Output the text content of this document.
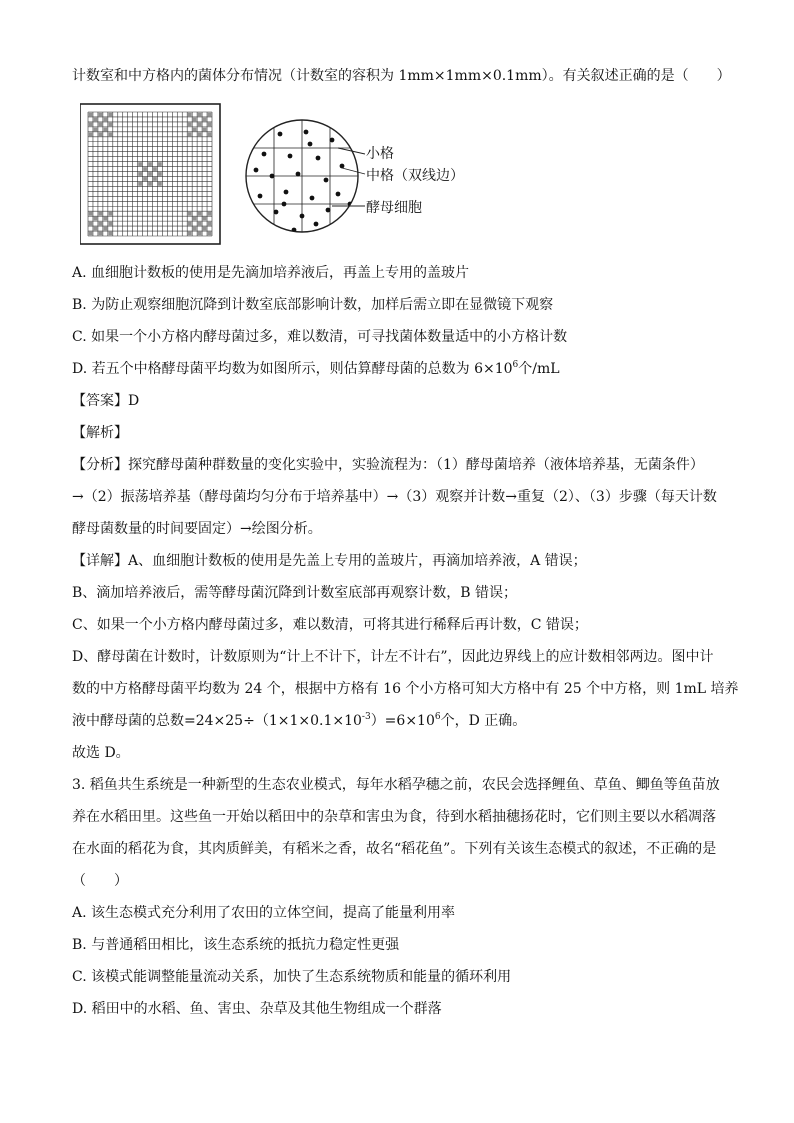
计数室和中方格内的菌体分布情况（计数室的容积为 1mm×1mm×0.1mm）。有关叙述正确的是（　　）
小格
中格（双线边）
酵母细胞
A. 血细胞计数板的使用是先滴加培养液后，再盖上专用的盖玻片
B. 为防止观察细胞沉降到计数室底部影响计数，加样后需立即在显微镜下观察
C. 如果一个小方格内酵母菌过多，难以数清，可寻找菌体数量适中的小方格计数
D. 若五个中格酵母菌平均数为如图所示，则估算酵母菌的总数为 $6\times 10^6$个/mL
【答案】D
【解析】
【分析】探究酵母菌种群数量的变化实验中，实验流程为：（1）酵母菌培养（液体培养基，无菌条件）
→（2）振荡培养基（酵母菌均匀分布于培养基中）→（3）观察并计数→重复（2）、（3）步骤（每天计数
酵母菌数量的时间要固定）→绘图分析。
【详解】A、血细胞计数板的使用是先盖上专用的盖玻片，再滴加培养液，A 错误；
B、滴加培养液后，需等酵母菌沉降到计数室底部再观察计数，B 错误；
C、如果一个小方格内酵母菌过多，难以数清，可将其进行稀释后再计数，C 错误；
D、酵母菌在计数时，计数原则为“计上不计下，计左不计右”，因此边界线上的应计数相邻两边。图中计
数的中方格酵母菌平均数为 24 个，根据中方格有 16 个小方格可知大方格中有 25 个中方格，则 1mL 培养
液中酵母菌的总数$=24\times 25\div(1\times 1\times 0.1\times 10^{-3})=6\times 10^6$个，D 正确。
故选 D。
3. 稻鱼共生系统是一种新型的生态农业模式，每年水稻孕穗之前，农民会选择鲤鱼、草鱼、鲫鱼等鱼苗放
养在水稻田里。这些鱼一开始以稻田中的杂草和害虫为食，待到水稻抽穗扬花时，它们则主要以水稻凋落
在水面的稻花为食，其肉质鲜美，有稻米之香，故名“稻花鱼”。下列有关该生态模式的叙述，不正确的是
（　　）
A. 该生态模式充分利用了农田的立体空间，提高了能量利用率
B. 与普通稻田相比，该生态系统的抵抗力稳定性更强
C. 该模式能调整能量流动关系，加快了生态系统物质和能量的循环利用
D. 稻田中的水稻、鱼、害虫、杂草及其他生物组成一个群落
